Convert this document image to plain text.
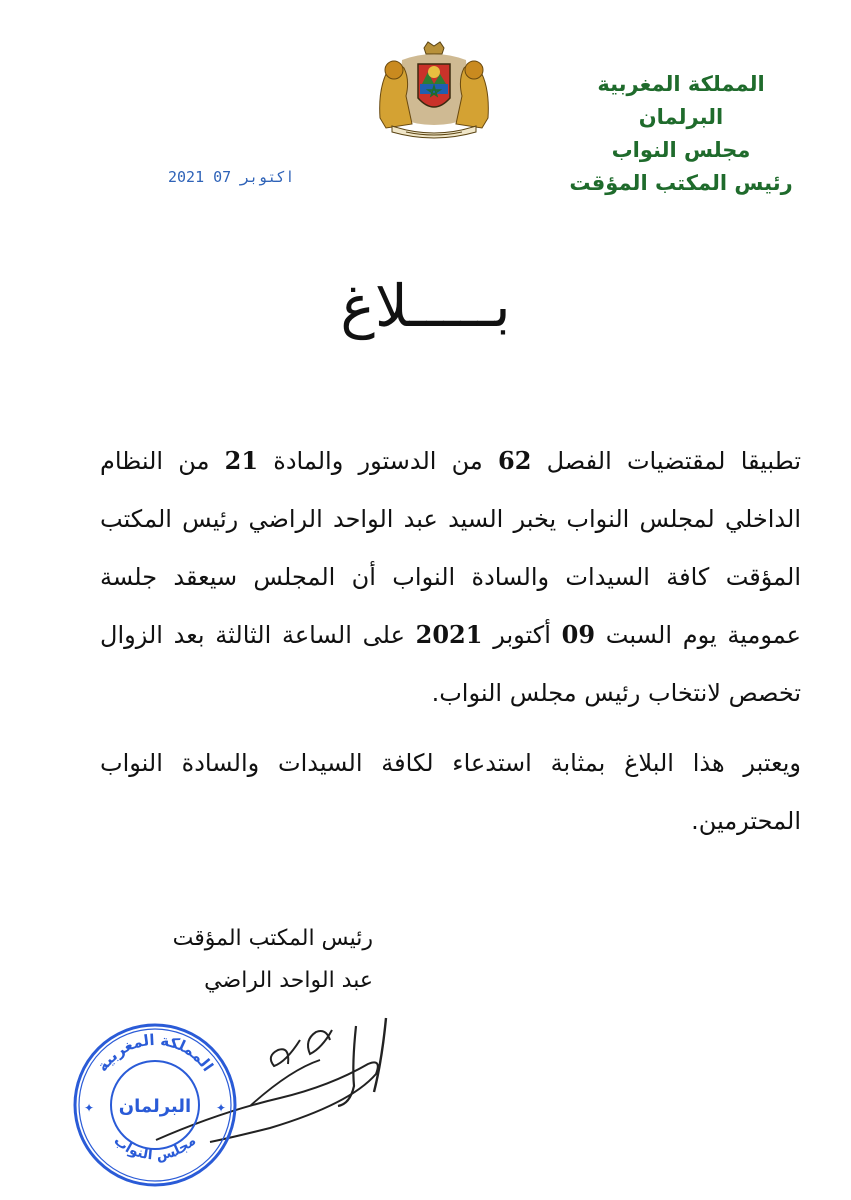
المملكة المغربية
البرلمان
مجلس النواب
رئيس المكتب المؤقت
2021 اكتوبر 07
بـــــلاغ

تطبيقا لمقتضيات الفصل 62 من الدستور والمادة 21 من النظام الداخلي لمجلس النواب يخبر السيد عبد الواحد الراضي رئيس المكتب المؤقت كافة السيدات والسادة النواب أن المجلس سيعقد جلسة عمومية يوم السبت 09 أكتوبر 2021 على الساعة الثالثة بعد الزوال تخصص لانتخاب رئيس مجلس النواب.

ويعتبر هذا البلاغ بمثابة استدعاء لكافة السيدات والسادة النواب المحترمين.

رئيس المكتب المؤقت
عبد الواحد الراضي
المملكة المغربية
البرلمان
مجلس النواب
✦	✦
